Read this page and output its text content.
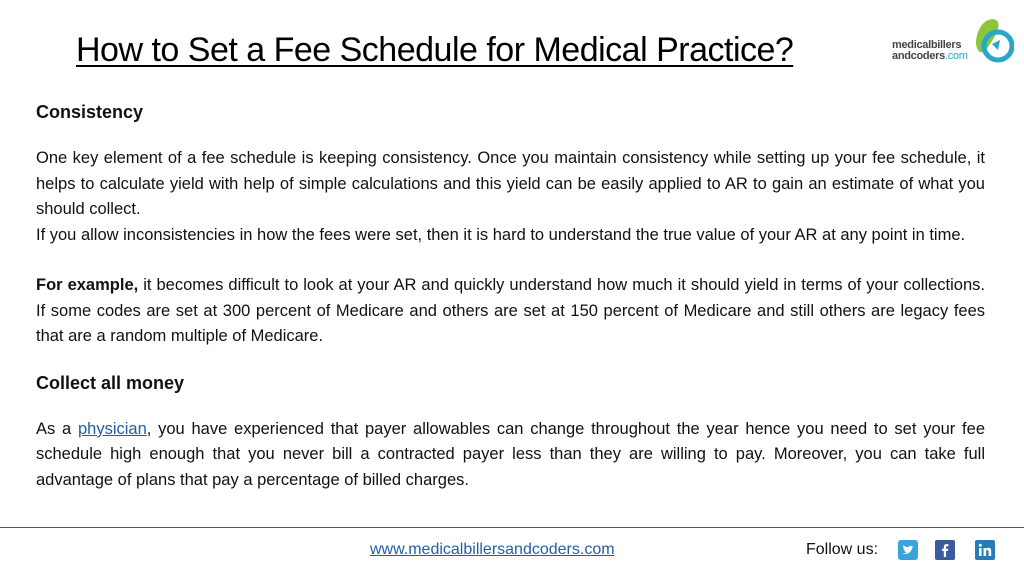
How to Set a Fee Schedule for Medical Practice?	medicalbillers
andcoders.com
Consistency

One key element of a fee schedule is keeping consistency. Once you maintain consistency while setting up your fee schedule, it helps to calculate yield with help of simple calculations and this yield can be easily applied to AR to gain an estimate of what you should collect.

If you allow inconsistencies in how the fees were set, then it is hard to understand the true value of your AR at any point in time.

For example, it becomes difficult to look at your AR and quickly understand how much it should yield in terms of your collections. If some codes are set at 300 percent of Medicare and others are set at 150 percent of Medicare and still others are legacy fees that are a random multiple of Medicare.

Collect all money

As a physician, you have experienced that payer allowables can change throughout the year hence you need to set your fee schedule high enough that you never bill a contracted payer less than they are willing to pay. Moreover, you can take full advantage of plans that pay a percentage of billed charges.

www.medicalbillersandcoders.com	Follow us:
